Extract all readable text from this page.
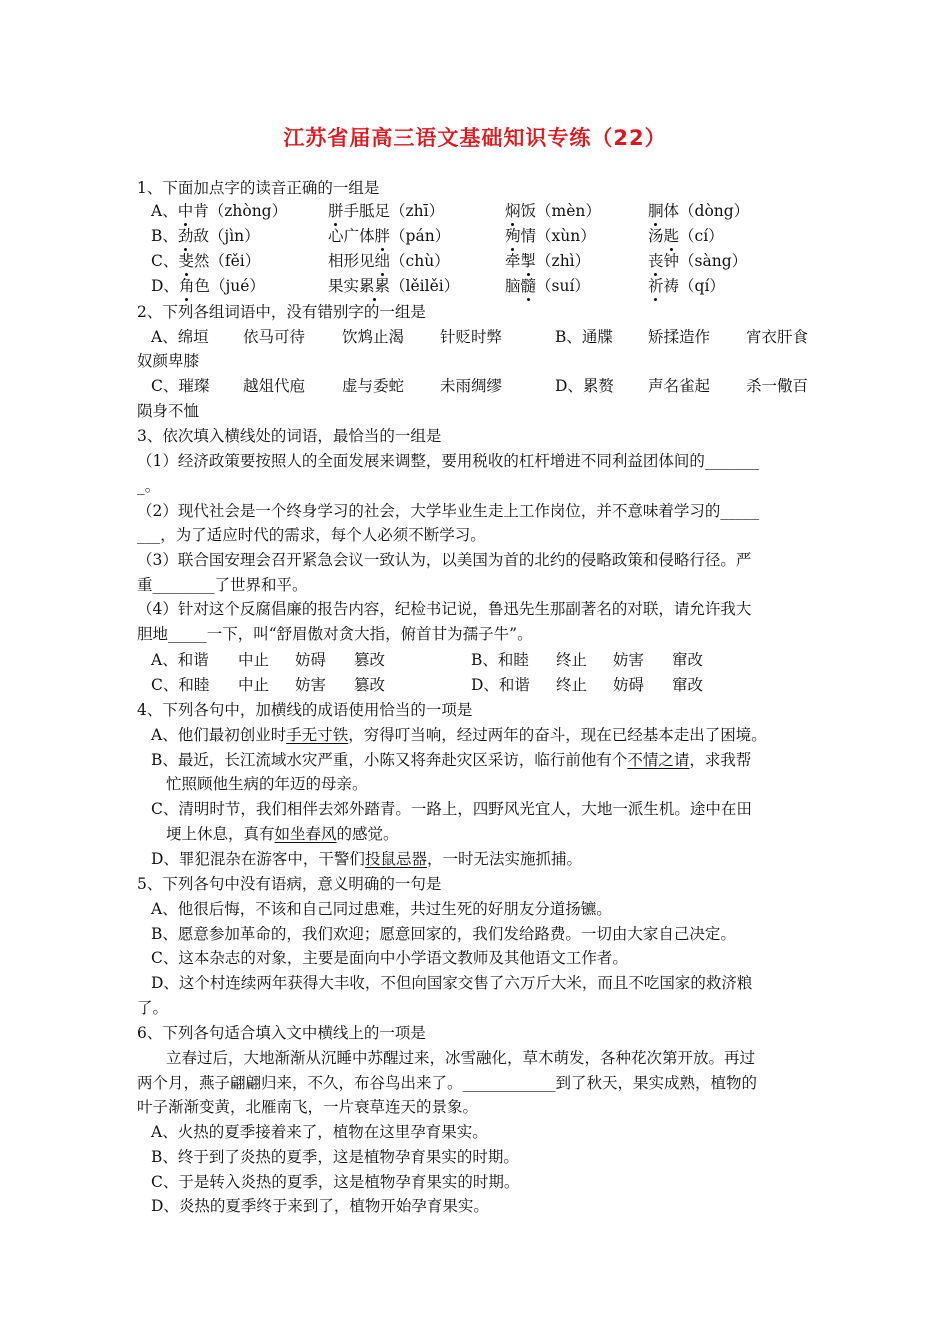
江苏省届高三语文基础知识专练（22）
1、下面加点字的读音正确的一组是
A、中肯（zhòng）	胼手胝足（zhī）	焖饭（mèn）	胴体（dòng）
B、劲敌（jìn）	心广体胖（pán）	殉情（xùn）	汤匙（cí）
C、斐然（fěi）	相形见绌（chù）	牵掣（zhì）	丧钟（sàng）
D、角色（jué）	果实累累（lěilěi）	脑髓（suí）	祈祷（qí）
2、下列各组词语中，没有错别字的一组是
A、绵垣 依马可待 饮鸩止渴 针贬时弊	B、通牒 矫揉造作 宵衣肝食
奴颜卑膝
C、璀璨 越俎代庖 虚与委蛇 未雨绸缪	D、累赘 声名雀起 杀一儆百
陨身不恤
3、依次填入横线处的词语，最恰当的一组是
（1）经济政策要按照人的全面发展来调整，要用税收的杠杆增进不同利益团体间的_______
_。
（2）现代社会是一个终身学习的社会，大学毕业生走上工作岗位，并不意味着学习的_____
___，为了适应时代的需求，每个人必须不断学习。
（3）联合国安理会召开紧急会议一致认为，以美国为首的北约的侵略政策和侵略行径。严
重________了世界和平。
（4）针对这个反腐倡廉的报告内容，纪检书记说，鲁迅先生那副著名的对联，请允许我大
胆地_____一下，叫“舒眉傲对贪大指，俯首甘为孺子牛”。
A、和谐 中止 妨碍 篡改	B、和睦 终止 妨害 窜改
C、和睦 中止 妨害 篡改	D、和谐 终止 妨碍 窜改
4、下列各句中，加横线的成语使用恰当的一项是
A、他们最初创业时手无寸铁，穷得叮当响，经过两年的奋斗，现在已经基本走出了困境。
B、最近，长江流域水灾严重，小陈又将奔赴灾区采访，临行前他有个不情之请，求我帮
忙照顾他生病的年迈的母亲。
C、清明时节，我们相伴去郊外踏青。一路上，四野风光宜人，大地一派生机。途中在田
埂上休息，真有如坐春风的感觉。
D、罪犯混杂在游客中，干警们投鼠忌器，一时无法实施抓捕。
5、下列各句中没有语病，意义明确的一句是
A、他很后悔，不该和自己同过患难，共过生死的好朋友分道扬镳。
B、愿意参加革命的，我们欢迎；愿意回家的，我们发给路费。一切由大家自己决定。
C、这本杂志的对象，主要是面向中小学语文教师及其他语文工作者。
D、这个村连续两年获得大丰收，不但向国家交售了六万斤大米，而且不吃国家的救济粮
了。
6、下列各句适合填入文中横线上的一项是
立春过后，大地渐渐从沉睡中苏醒过来，冰雪融化，草木萌发，各种花次第开放。再过
两个月，燕子翩翩归来，不久，布谷鸟出来了。____________到了秋天，果实成熟，植物的
叶子渐渐变黄，北雁南飞，一片衰草连天的景象。
A、火热的夏季接着来了，植物在这里孕育果实。
B、终于到了炎热的夏季，这是植物孕育果实的时期。
C、于是转入炎热的夏季，这是植物孕育果实的时期。
D、炎热的夏季终于来到了，植物开始孕育果实。
